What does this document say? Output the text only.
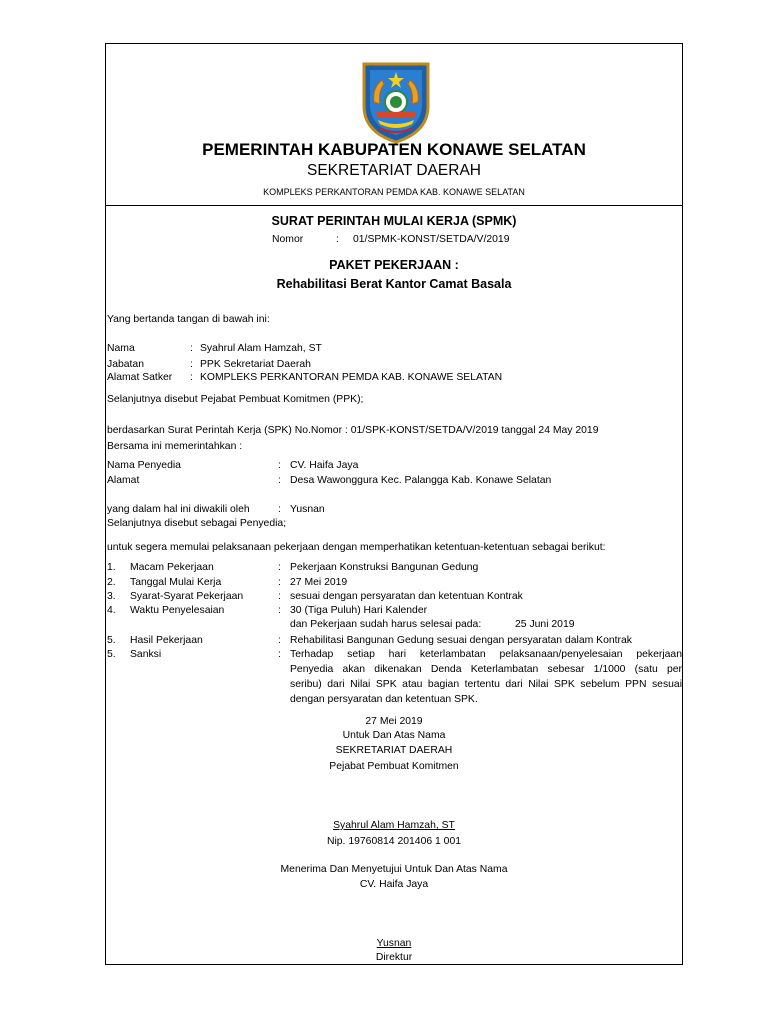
PEMERINTAH KABUPATEN KONAWE SELATAN
SEKRETARIAT DAERAH
KOMPLEKS PERKANTORAN PEMDA KAB. KONAWE SELATAN
SURAT PERINTAH MULAI KERJA (SPMK)
Nomor	: 01/SPMK-KONST/SETDA/V/2019
PAKET PEKERJAAN :
Rehabilitasi Berat Kantor Camat Basala
Yang bertanda tangan di bawah ini:
Nama	: Syahrul Alam Hamzah, ST
Jabatan	: PPK Sekretariat Daerah
Alamat Satker : KOMPLEKS PERKANTORAN PEMDA KAB. KONAWE SELATAN
Selanjutnya disebut Pejabat Pembuat Komitmen (PPK);
berdasarkan Surat Perintah Kerja (SPK) No.Nomor : 01/SPK-KONST/SETDA/V/2019 tanggal 24 May 2019
Bersama ini memerintahkan :
Nama Penyedia	: CV. Haifa Jaya
Alamat	: Desa Wawonggura Kec. Palangga Kab. Konawe Selatan
yang dalam hal ini diwakili oleh	: Yusnan
Selanjutnya disebut sebagai Penyedia;
untuk segera memulai pelaksanaan pekerjaan dengan memperhatikan ketentuan-ketentuan sebagai berikut:
1. Macam Pekerjaan	: Pekerjaan Konstruksi Bangunan Gedung
2. Tanggal Mulai Kerja	: 27 Mei 2019
3. Syarat-Syarat Pekerjaan	: sesuai dengan persyaratan dan ketentuan Kontrak
4. Waktu Penyelesaian	: 30 (Tiga Puluh) Hari Kalender
dan Pekerjaan sudah harus selesai pada:	25 Juni 2019
5. Hasil Pekerjaan	: Rehabilitasi Bangunan Gedung sesuai dengan persyaratan dalam Kontrak
5. Sanksi	: Terhadap setiap hari keterlambatan pelaksanaan/penyelesaian pekerjaan
Penyedia akan dikenakan Denda Keterlambatan sebesar 1/1000 (satu per
seribu) dari Nilai SPK atau bagian tertentu dari Nilai SPK sebelum PPN sesuai
dengan persyaratan dan ketentuan SPK.
27 Mei 2019
Untuk Dan Atas Nama
SEKRETARIAT DAERAH
Pejabat Pembuat Komitmen
Syahrul Alam Hamzah, ST
Nip. 19760814 201406 1 001
Menerima Dan Menyetujui Untuk Dan Atas Nama
CV. Haifa Jaya
Yusnan
Direktur
